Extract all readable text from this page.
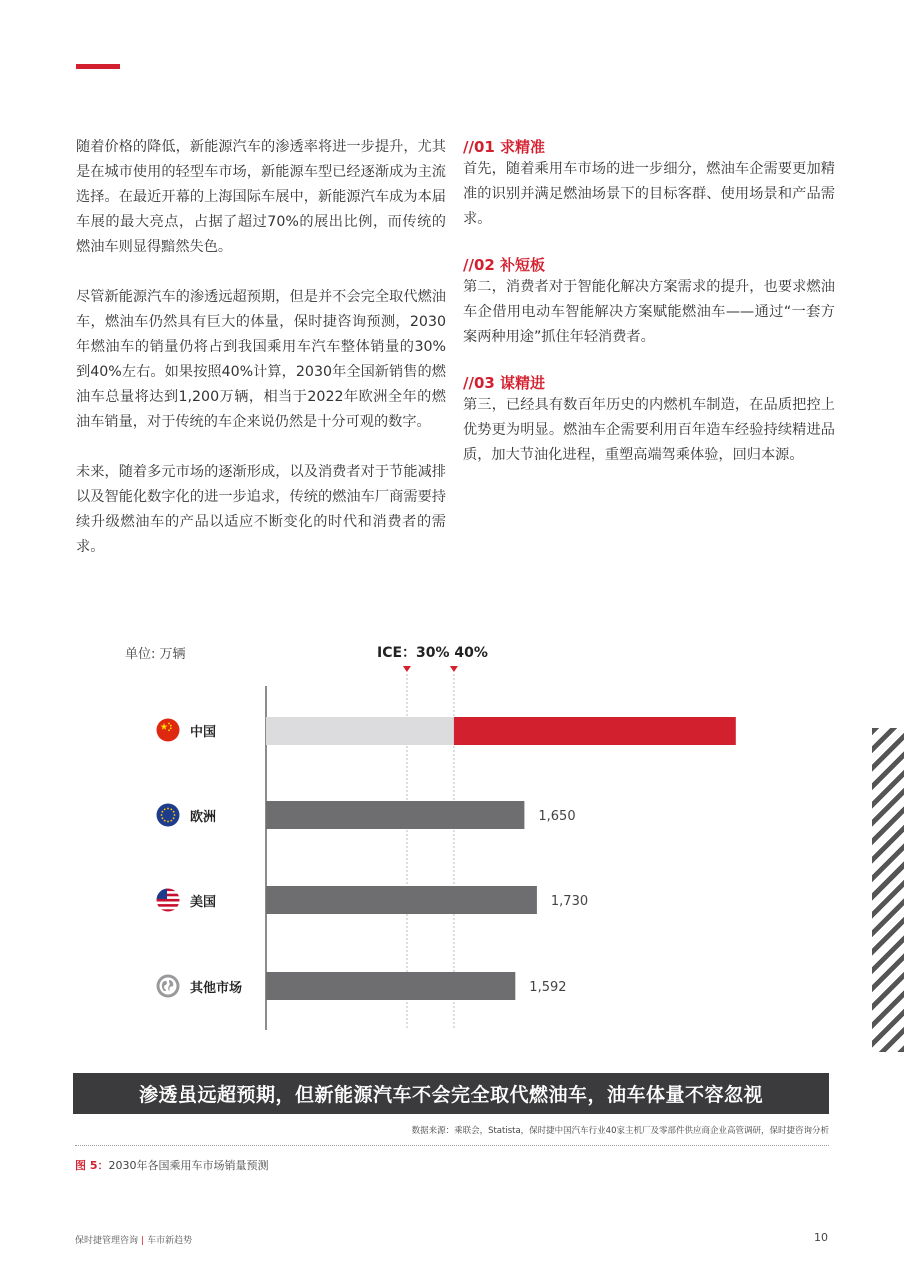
随着价格的降低，新能源汽车的渗透率将进一步提升，尤其是在城市使用的轻型车市场，新能源车型已经逐渐成为主流选择。在最近开幕的上海国际车展中，新能源汽车成为本届车展的最大亮点，占据了超过70%的展出比例，而传统的燃油车则显得黯然失色。

尽管新能源汽车的渗透远超预期，但是并不会完全取代燃油车，燃油车仍然具有巨大的体量，保时捷咨询预测，2030年燃油车的销量仍将占到我国乘用车汽车整体销量的30%到40%左右。如果按照40%计算，2030年全国新销售的燃油车总量将达到1,200万辆，相当于2022年欧洲全年的燃油车销量，对于传统的车企来说仍然是十分可观的数字。

未来，随着多元市场的逐渐形成，以及消费者对于节能减排以及智能化数字化的进一步追求，传统的燃油车厂商需要持续升级燃油车的产品以适应不断变化的时代和消费者的需求。

//01 求精准
首先，随着乘用车市场的进一步细分，燃油车企需要更加精准的识别并满足燃油场景下的目标客群、使用场景和产品需求。
//02 补短板
第二，消费者对于智能化解决方案需求的提升，也要求燃油车企借用电动车智能解决方案赋能燃油车——通过“一套方案两种用途”抓住年轻消费者。
//03 谋精进
第三，已经具有数百年历史的内燃机车制造，在品质把控上优势更为明显。燃油车企需要利用百年造车经验持续精进品质，加大节油化进程，重塑高端驾乘体验，回归本源。
单位: 万辆	ICE：30% 40%
1,650
1,730
1,592
中国
欧洲
美国
其他市场
渗透虽远超预期，但新能源汽车不会完全取代燃油车，油车体量不容忽视
数据来源：乘联会，Statista，保时捷中国汽车行业40家主机厂及零部件供应商企业高管调研，保时捷咨询分析
图 5：2030年各国乘用车市场销量预测
保时捷管理咨询 | 车市新趋势	10
